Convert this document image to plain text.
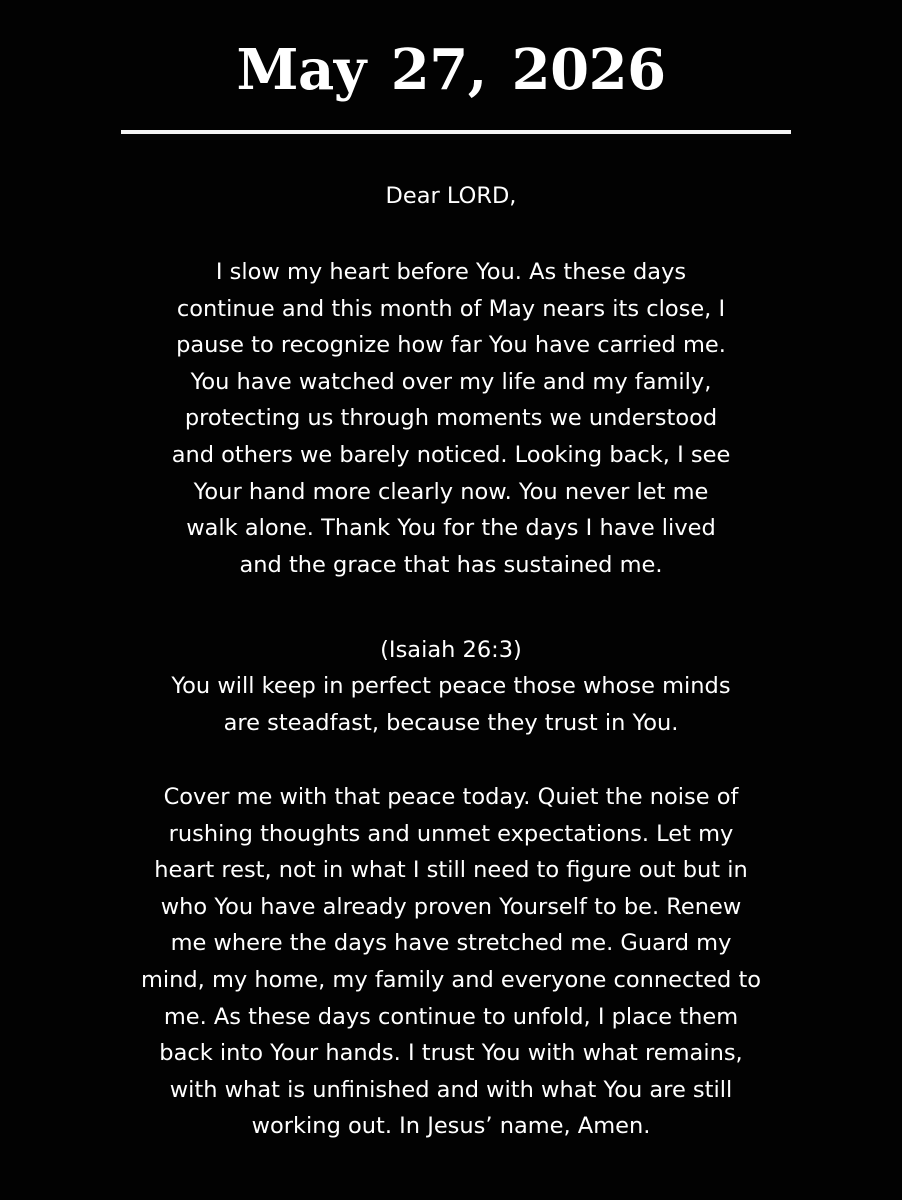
May 27, 2026

Dear LORD,

I slow my heart before You. As these days
continue and this month of May nears its close, I
pause to recognize how far You have carried me.
You have watched over my life and my family,
protecting us through moments we understood
and others we barely noticed. Looking back, I see
Your hand more clearly now. You never let me
walk alone. Thank You for the days I have lived
and the grace that has sustained me.

(Isaiah 26:3)

You will keep in perfect peace those whose minds
are steadfast, because they trust in You.
Cover me with that peace today. Quiet the noise of
rushing thoughts and unmet expectations. Let my
heart rest, not in what I still need to figure out but in
who You have already proven Yourself to be. Renew
me where the days have stretched me. Guard my
mind, my home, my family and everyone connected to
me. As these days continue to unfold, I place them
back into Your hands. I trust You with what remains,
with what is unfinished and with what You are still
working out. In Jesus’ name, Amen.
